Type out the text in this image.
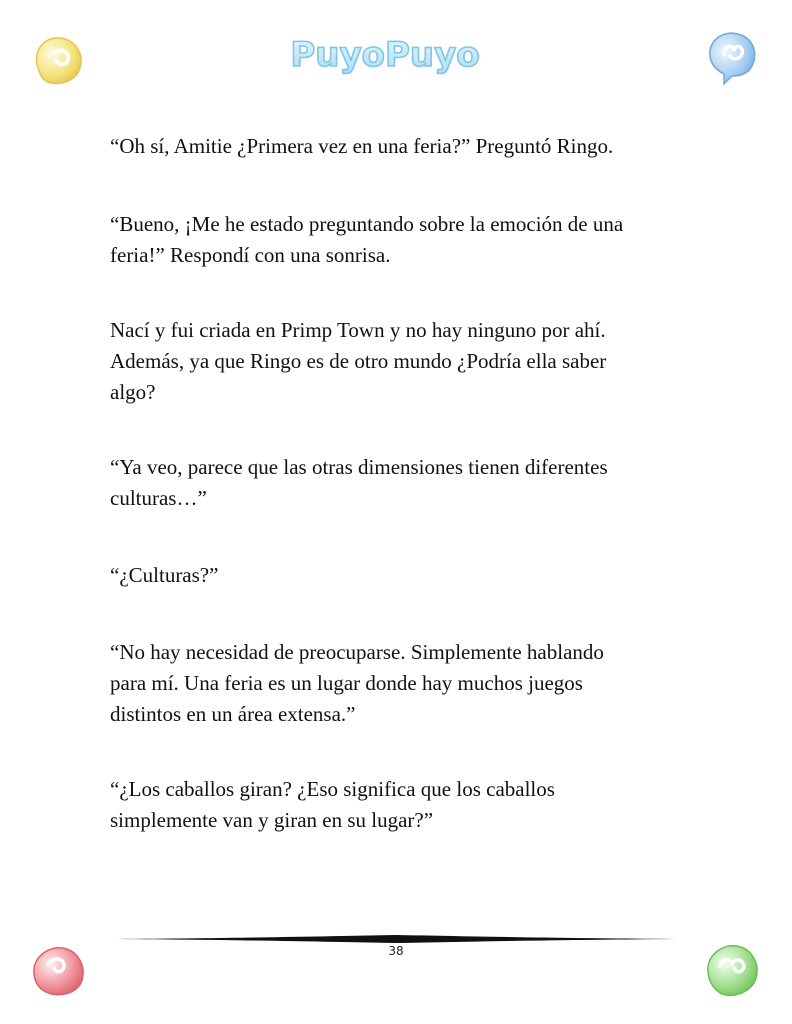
PuyoPuyo

“Oh sí, Amitie ¿Primera vez en una feria?” Preguntó Ringo.

“Bueno, ¡Me he estado preguntando sobre la emoción de una
feria!” Respondí con una sonrisa.

Nací y fui criada en Primp Town y no hay ninguno por ahí.
Además, ya que Ringo es de otro mundo ¿Podría ella saber
algo?

“Ya veo, parece que las otras dimensiones tienen diferentes
culturas…”

“¿Culturas?”

“No hay necesidad de preocuparse. Simplemente hablando
para mí. Una feria es un lugar donde hay muchos juegos
distintos en un área extensa.”

“¿Los caballos giran? ¿Eso significa que los caballos
simplemente van y giran en su lugar?”

38
